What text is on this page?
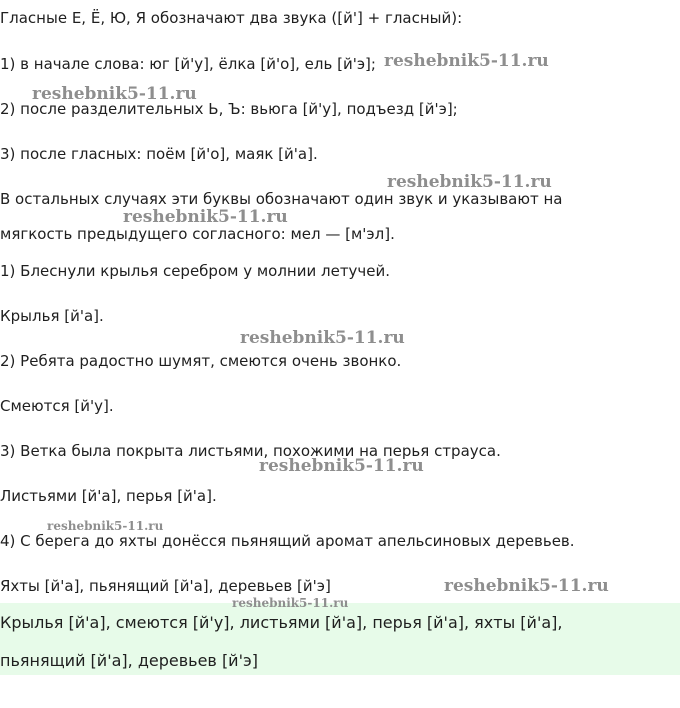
Гласные Е, Ё, Ю, Я обозначают два звука ([й'] + гласный):
1) в начале слова: юг [й'у], ёлка [й'о], ель [й'э];
2) после разделительных Ь, Ъ: вьюга [й'у], подъезд [й'э];
3) после гласных: поём [й'о], маяк [й'а].
В остальных случаях эти буквы обозначают один звук и указывают на
мягкость предыдущего согласного: мел — [м'эл].
1) Блеснули крылья серебром у молнии летучей.
Крылья [й'а].
2) Ребята радостно шумят, смеются очень звонко.
Смеются [й'у].
3) Ветка была покрыта листьями, похожими на перья страуса.
Листьями [й'а], перья [й'а].
4) С берега до яхты донёсся пьянящий аромат апельсиновых деревьев.
Яхты [й'а], пьянящий [й'а], деревьев [й'э]
Крылья [й'а], смеются [й'у], листьями [й'а], перья [й'а], яхты [й'а],
пьянящий [й'а], деревьев [й'э]
reshebnik5-11.ru
reshebnik5-11.ru
reshebnik5-11.ru
reshebnik5-11.ru
reshebnik5-11.ru
reshebnik5-11.ru
reshebnik5-11.ru
reshebnik5-11.ru
reshebnik5-11.ru
